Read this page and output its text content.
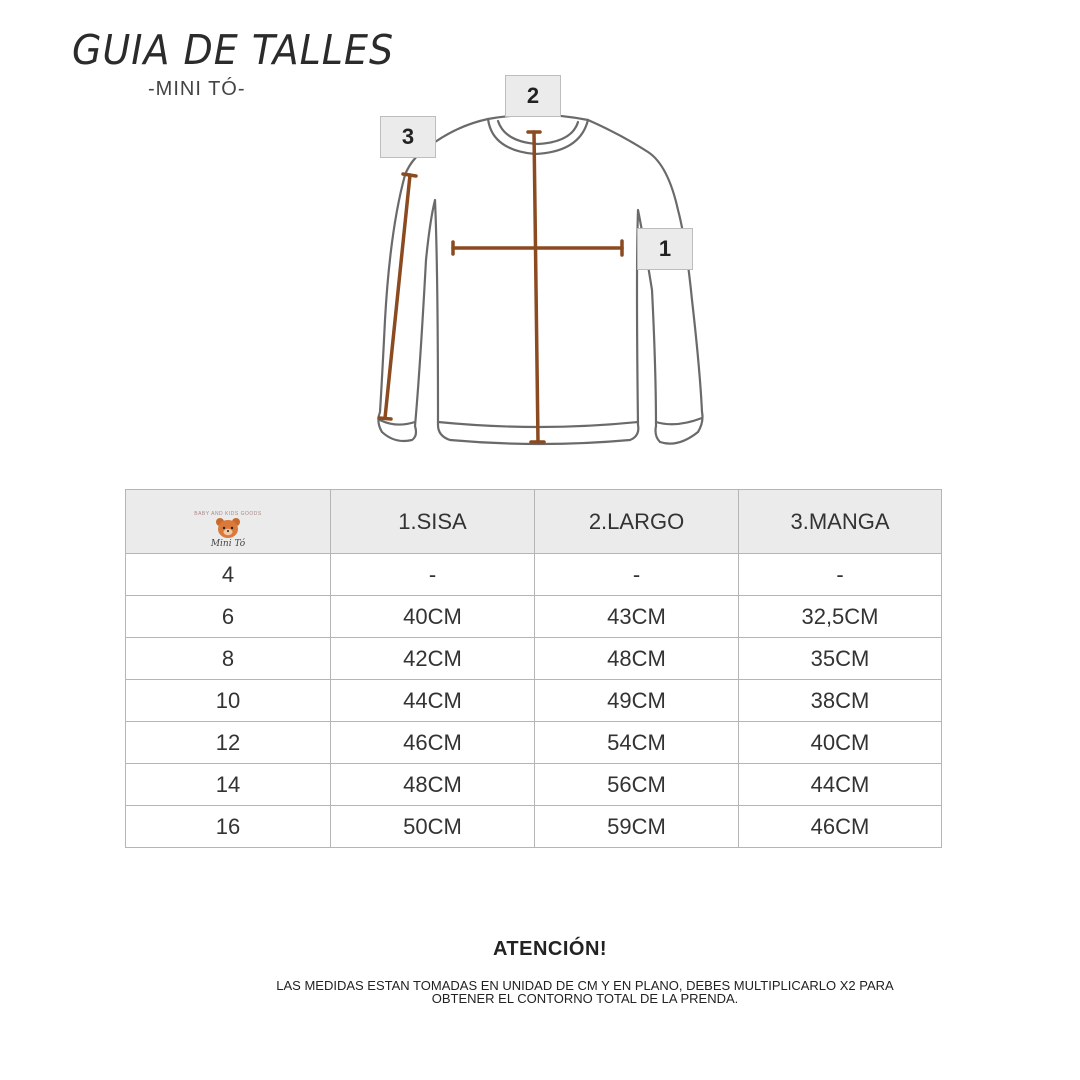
GUIA DE TALLES
-MINI TÓ-	2
3
1
BABY AND KIDS GOODS
Mini Tó	1.SISA	2.LARGO	3.MANGA
4	-	-	-
6	40CM	43CM	32,5CM
8	42CM	48CM	35CM
10	44CM	49CM	38CM
12	46CM	54CM	40CM
14	48CM	56CM	44CM
16	50CM	59CM	46CM
ATENCIÓN!
LAS MEDIDAS ESTAN TOMADAS EN UNIDAD DE CM Y EN PLANO, DEBES MULTIPLICARLO X2 PARA
OBTENER EL CONTORNO TOTAL DE LA PRENDA.
